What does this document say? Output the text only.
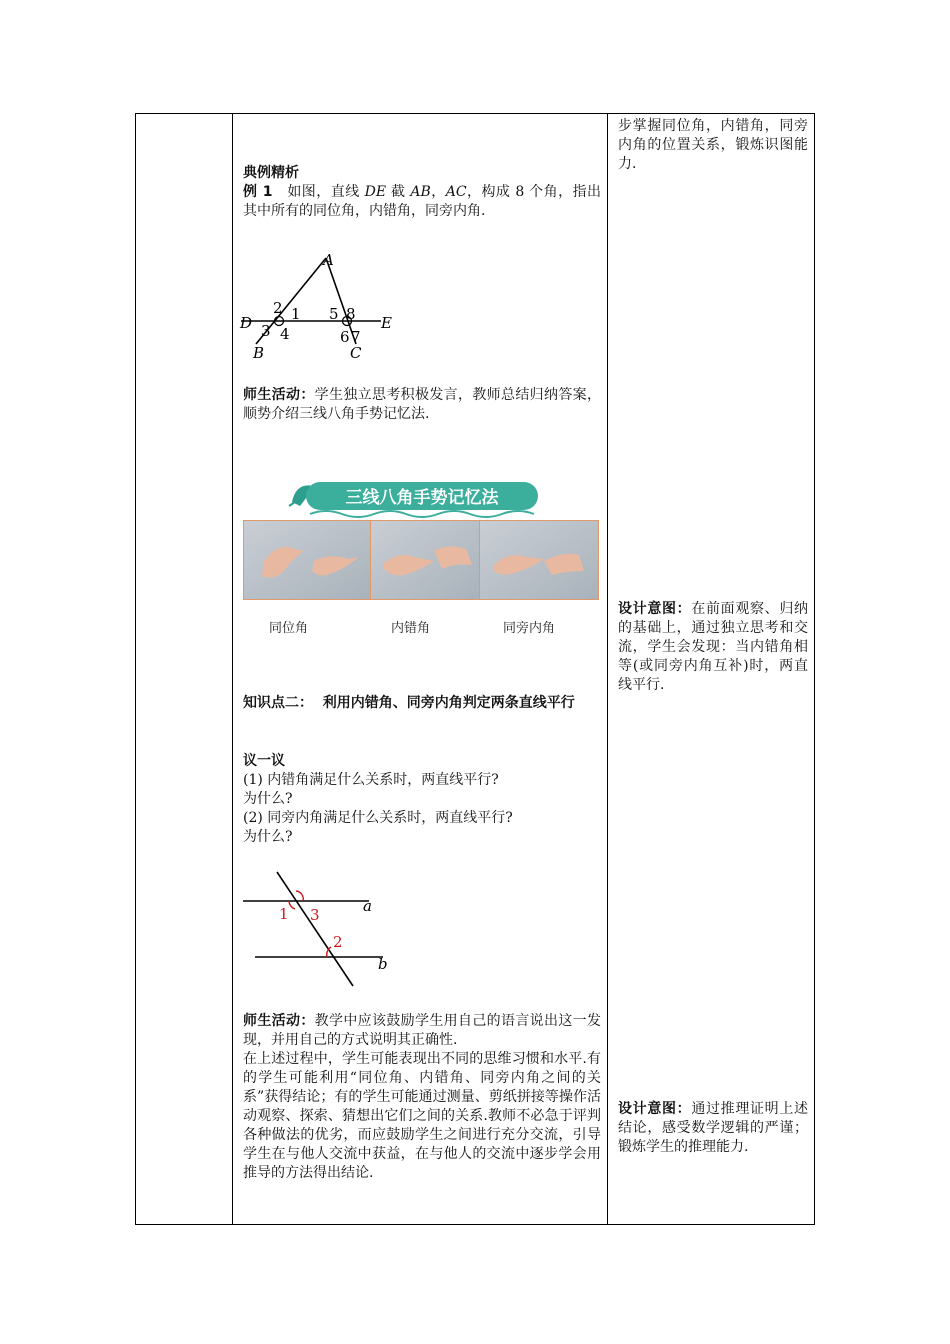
步掌握同位角，内错角，同旁内角的位置关系，锻炼识图能力.

典例精析

例 1 如图，直线 DE 截 AB，AC，构成 8 个角，指出其中所有的同位角，内错角，同旁内角.

A
B	C
D	E
1
2
3 4
5
6 7
8
师生活动：学生独立思考积极发言，教师总结归纳答案，顺势介绍三线八角手势记忆法.
三线八角手势记忆法
同位角	内错角	同旁内角
设计意图：在前面观察、归纳的基础上，通过独立思考和交流，学生会发现：当内错角相等(或同旁内角互补)时，两直线平行.
知识点二：  利用内错角、同旁内角判定两条直线平行

议一议

(1) 内错角满足什么关系时，两直线平行?

为什么?

(2) 同旁内角满足什么关系时，两直线平行?

为什么?

1
2
3	a
b

师生活动：教学中应该鼓励学生用自己的语言说出这一发现，并用自己的方式说明其正确性.

在上述过程中，学生可能表现出不同的思维习惯和水平.有的学生可能利用“同位角、内错角、同旁内角之间的关系”获得结论；有的学生可能通过测量、剪纸拼接等操作活动观察、探索、猜想出它们之间的关系.教师不必急于评判各种做法的优劣，而应鼓励学生之间进行充分交流，引导学生在与他人交流中获益，在与他人的交流中逐步学会用推导的方法得出结论.

设计意图：通过推理证明上述结论，感受数学逻辑的严谨；锻炼学生的推理能力.
